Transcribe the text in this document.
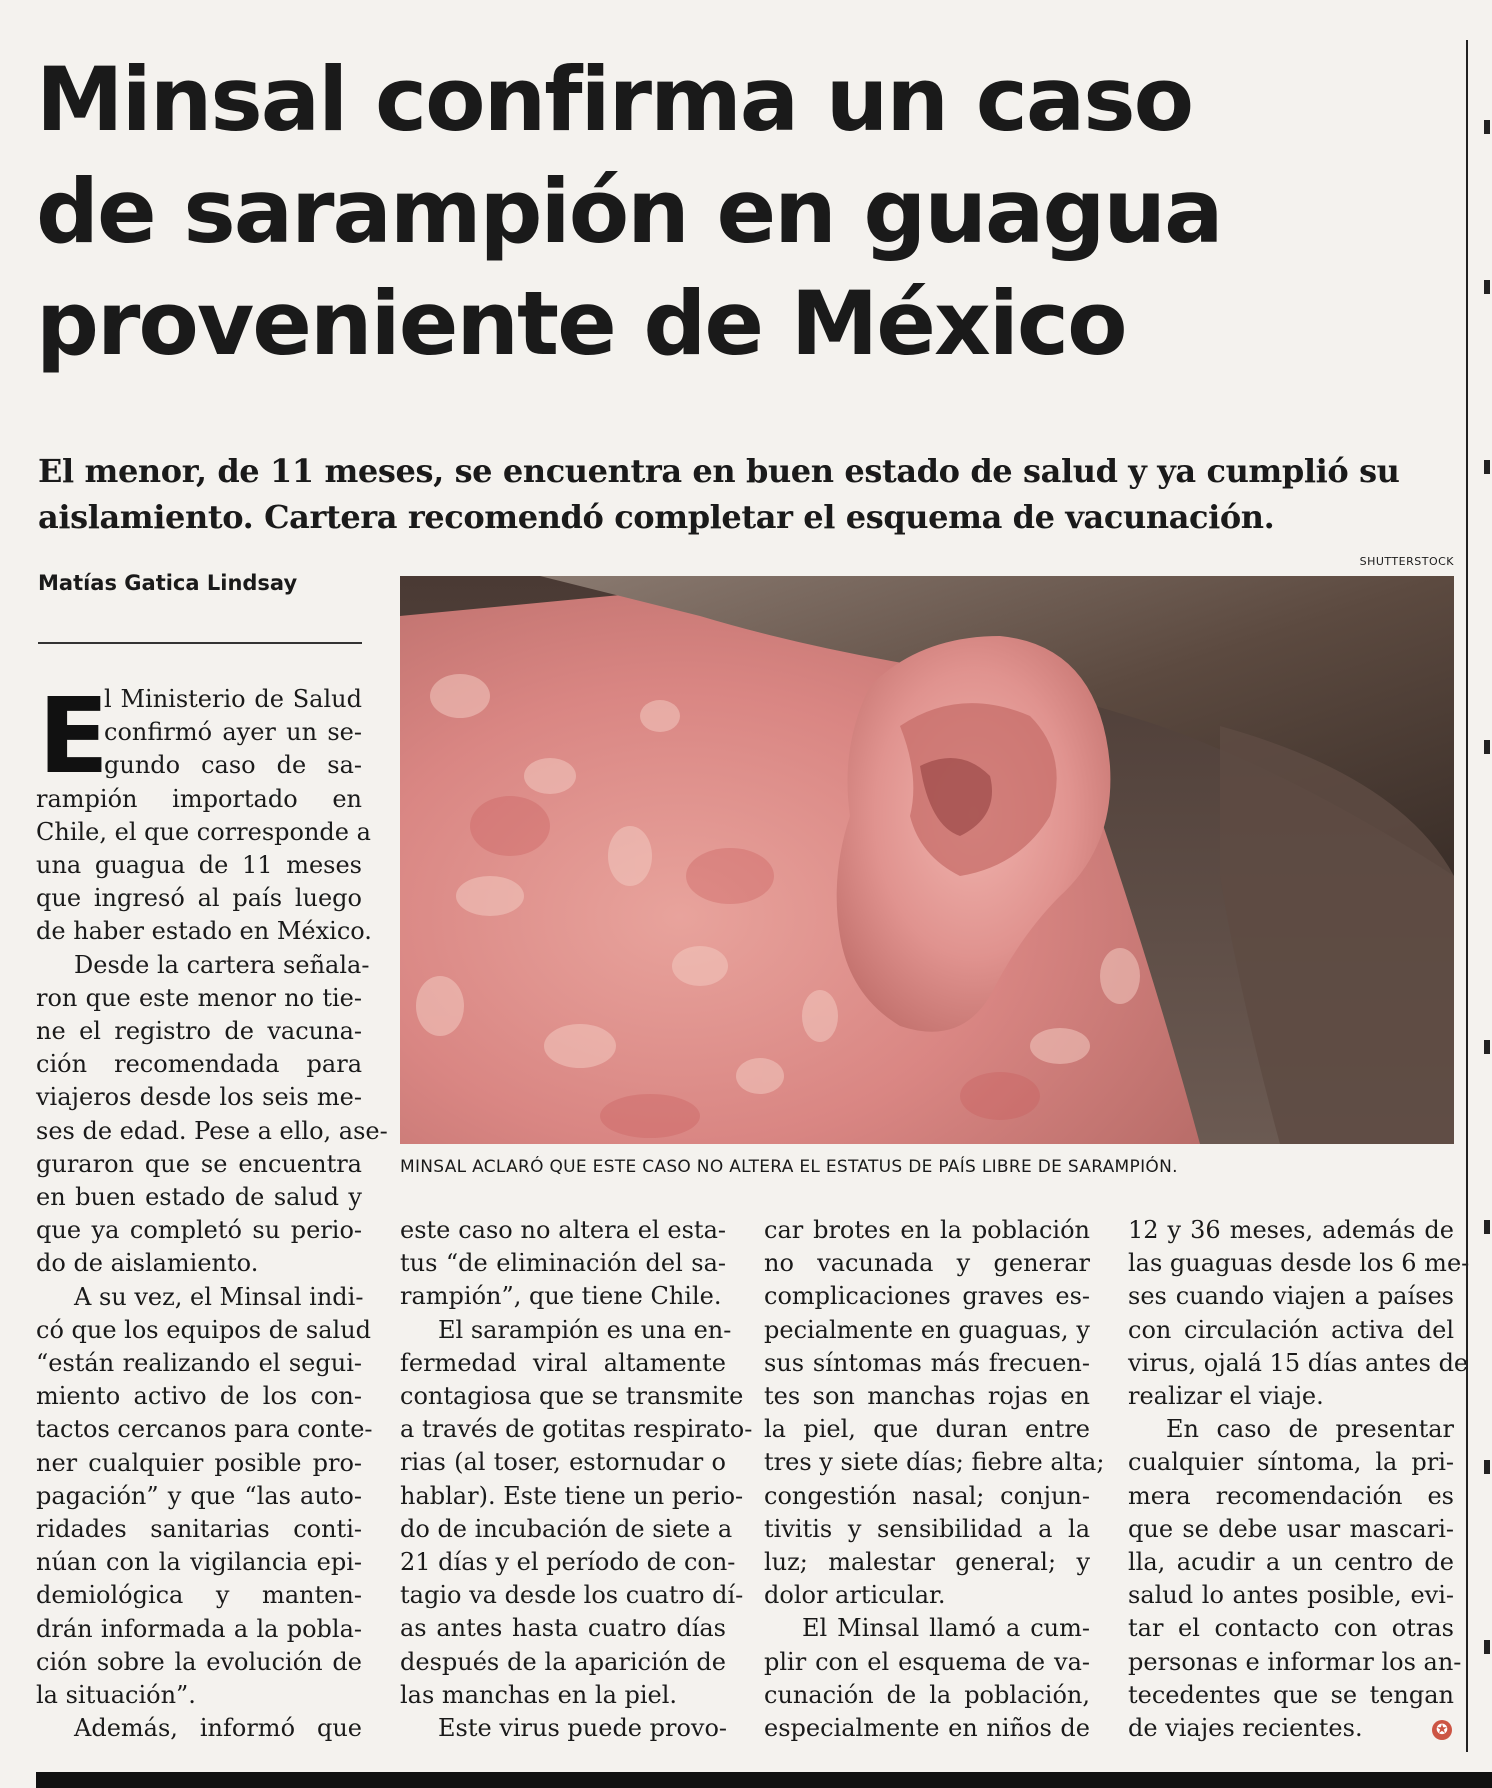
Minsal confirma un caso
de sarampión en guagua
proveniente de México
El menor, de 11 meses, se encuentra en buen estado de salud y ya cumplió su
aislamiento. Cartera recomendó completar el esquema de vacunación.
Matías Gatica Lindsay
SHUTTERSTOCK
MINSAL ACLARÓ QUE ESTE CASO NO ALTERA EL ESTATUS DE PAÍS LIBRE DE SARAMPIÓN.
E
l Ministerio de Salud
confirmó ayer un se-
gundo caso de sa-
rampión importado en
Chile, el que corresponde a
una guagua de 11 meses
que ingresó al país luego
de haber estado en México.
Desde la cartera señala-
ron que este menor no tie-
ne el registro de vacuna-
ción recomendada para
viajeros desde los seis me-
ses de edad. Pese a ello, ase-
guraron que se encuentra
en buen estado de salud y
que ya completó su perio-
do de aislamiento.
A su vez, el Minsal indi-
có que los equipos de salud
“están realizando el segui-
miento activo de los con-
tactos cercanos para conte-
ner cualquier posible pro-
pagación” y que “las auto-
ridades sanitarias conti-
núan con la vigilancia epi-
demiológica y manten-
drán informada a la pobla-
ción sobre la evolución de
la situación”.
Además, informó que
este caso no altera el esta-
tus “de eliminación del sa-
rampión”, que tiene Chile.
El sarampión es una en-
fermedad viral altamente
contagiosa que se transmite
a través de gotitas respirato-
rias (al toser, estornudar o
hablar). Este tiene un perio-
do de incubación de siete a
21 días y el período de con-
tagio va desde los cuatro dí-
as antes hasta cuatro días
después de la aparición de
las manchas en la piel.
Este virus puede provo-
car brotes en la población
no vacunada y generar
complicaciones graves es-
pecialmente en guaguas, y
sus síntomas más frecuen-
tes son manchas rojas en
la piel, que duran entre
tres y siete días; fiebre alta;
congestión nasal; conjun-
tivitis y sensibilidad a la
luz; malestar general; y
dolor articular.
El Minsal llamó a cum-
plir con el esquema de va-
cunación de la población,
especialmente en niños de
12 y 36 meses, además de
las guaguas desde los 6 me-
ses cuando viajen a países
con circulación activa del
virus, ojalá 15 días antes de
realizar el viaje.
En caso de presentar
cualquier síntoma, la pri-
mera recomendación es
que se debe usar mascari-
lla, acudir a un centro de
salud lo antes posible, evi-
tar el contacto con otras
personas e informar los an-
tecedentes que se tengan
de viajes recientes.	✪
